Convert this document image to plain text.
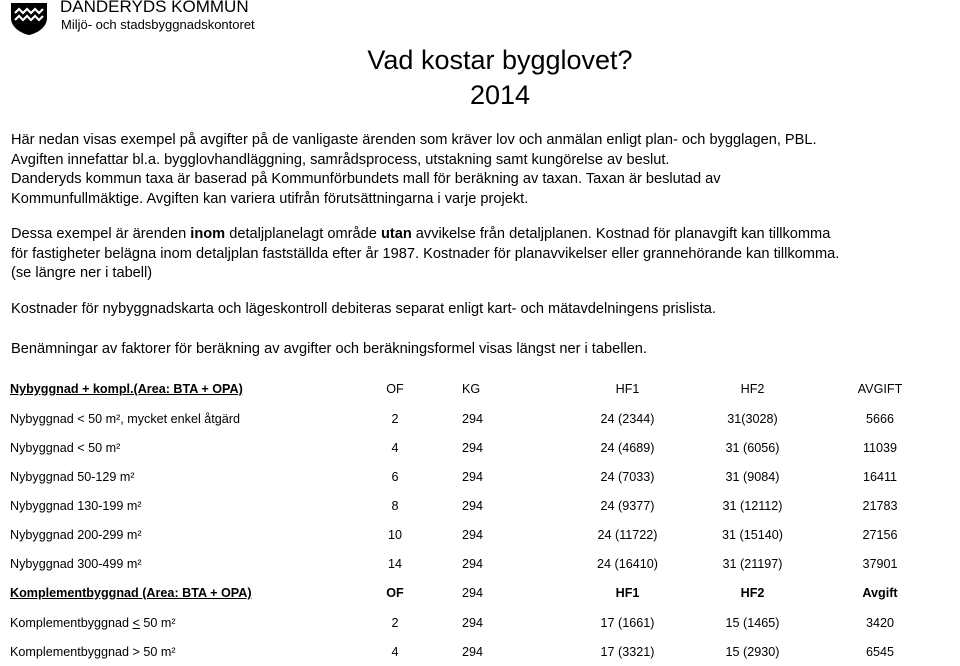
DANDERYDS KOMMUN
Miljö- och stadsbyggnadskontoret
Vad kostar bygglovet?
2014
Här nedan visas exempel på avgifter på de vanligaste ärenden som kräver lov och anmälan enligt plan- och bygglagen, PBL.
Avgiften innefattar bl.a. bygglovhandläggning, samrådsprocess, utstakning samt kungörelse av beslut.
Danderyds kommun taxa är baserad på Kommunförbundets mall för beräkning av taxan. Taxan är beslutad av
Kommunfullmäktige. Avgiften kan variera utifrån förutsättningarna i varje projekt.
Dessa exempel är ärenden inom detaljplanelagt område utan avvikelse från detaljplanen. Kostnad för planavgift kan tillkomma
för fastigheter belägna inom detaljplan fastställda efter år 1987. Kostnader för planavvikelser eller grannehörande kan tillkomma.
(se längre ner i tabell)
Kostnader för nybyggnadskarta och lägeskontroll debiteras separat enligt kart- och mätavdelningens prislista.
Benämningar av faktorer för beräkning av avgifter och beräkningsformel visas längst ner i tabellen.
Nybyggnad + kompl.(Area: BTA + OPA)	OF	KG	HF1	HF2	AVGIFT
Nybyggnad < 50 m², mycket enkel åtgärd	2	294	24 (2344)	31(3028)	5666
Nybyggnad < 50 m²	4	294	24 (4689)	31 (6056)	11039
Nybyggnad 50-129 m²	6	294	24 (7033)	31 (9084)	16411
Nybyggnad 130-199 m²	8	294	24 (9377)	31 (12112)	21783
Nybyggnad 200-299 m²	10	294	24 (11722)	31 (15140)	27156
Nybyggnad 300-499 m²	14	294	24 (16410)	31 (21197)	37901
Komplementbyggnad (Area: BTA + OPA)	OF	294	HF1	HF2	Avgift
Komplementbyggnad ≤ 50 m²	2	294	17 (1661)	15 (1465)	3420
Komplementbyggnad > 50 m²	4	294	17 (3321)	15 (2930)	6545
